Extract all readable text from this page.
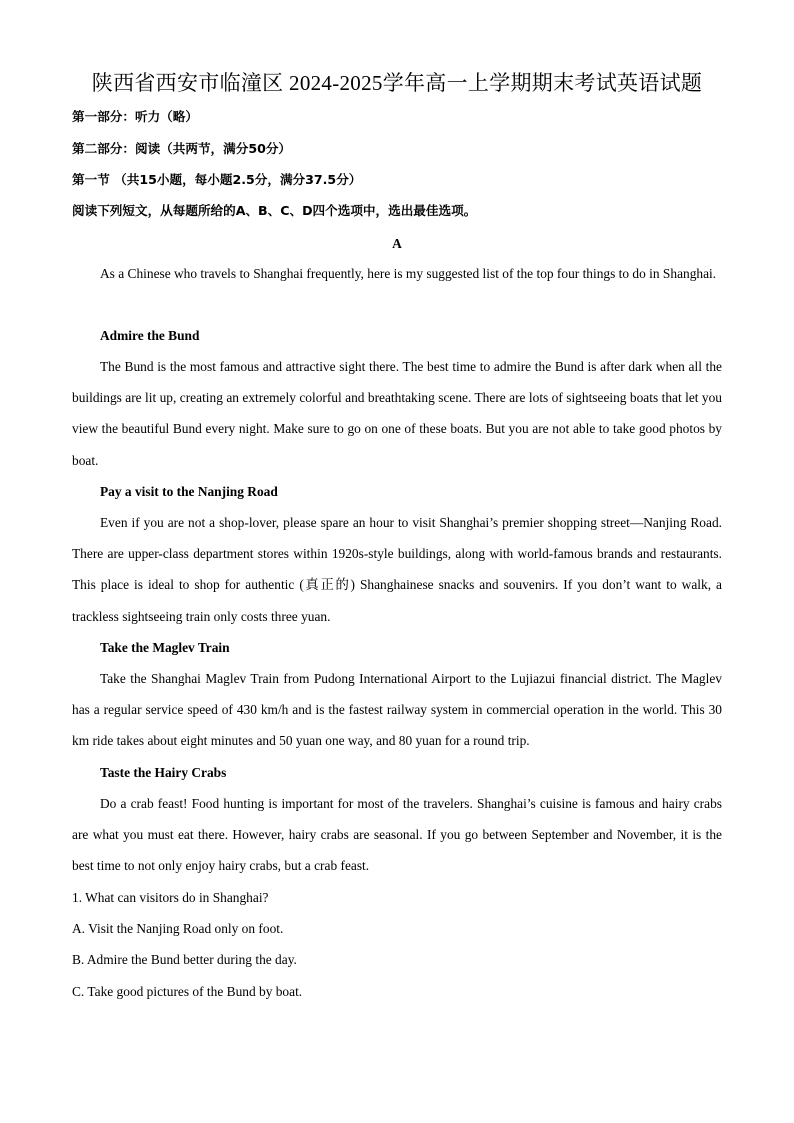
陕西省西安市临潼区 2024-2025学年高一上学期期末考试英语试题
第一部分：听力（略）
第二部分：阅读（共两节，满分50分）
第一节 （共15小题，每小题2.5分，满分37.5分）
阅读下列短文，从每题所给的A、B、C、D四个选项中，选出最佳选项。
A

As a Chinese who travels to Shanghai frequently, here is my suggested list of the top four things to do in Shanghai.

Admire the Bund

The Bund is the most famous and attractive sight there. The best time to admire the Bund is after dark when all the buildings are lit up, creating an extremely colorful and breathtaking scene. There are lots of sightseeing boats that let you view the beautiful Bund every night. Make sure to go on one of these boats. But you are not able to take good photos by boat.

Pay a visit to the Nanjing Road

Even if you are not a shop-lover, please spare an hour to visit Shanghai’s premier shopping street—Nanjing Road. There are upper-class department stores within 1920s-style buildings, along with world-famous brands and restaurants. This place is ideal to shop for authentic (真正的) Shanghainese snacks and souvenirs. If you don’t want to walk, a trackless sightseeing train only costs three yuan.

Take the Maglev Train

Take the Shanghai Maglev Train from Pudong International Airport to the Lujiazui financial district. The Maglev has a regular service speed of 430 km/h and is the fastest railway system in commercial operation in the world. This 30 km ride takes about eight minutes and 50 yuan one way, and 80 yuan for a round trip.

Taste the Hairy Crabs

Do a crab feast! Food hunting is important for most of the travelers. Shanghai’s cuisine is famous and hairy crabs are what you must eat there. However, hairy crabs are seasonal. If you go between September and November, it is the best time to not only enjoy hairy crabs, but a crab feast.

1. What can visitors do in Shanghai?
A. Visit the Nanjing Road only on foot.
B. Admire the Bund better during the day.
C. Take good pictures of the Bund by boat.
